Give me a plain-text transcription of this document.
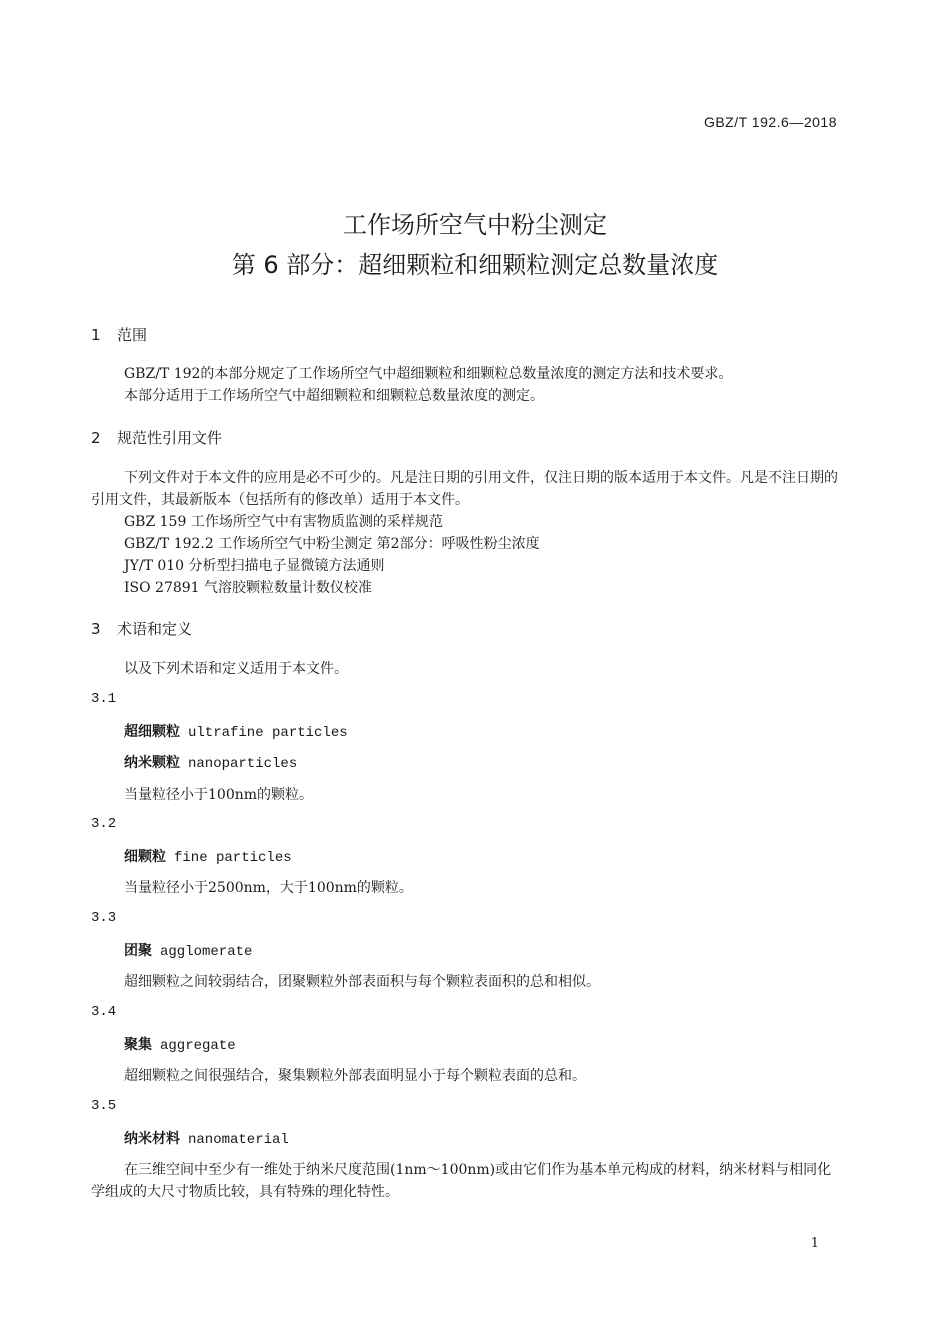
GBZ/T 192.6—2018
工作场所空气中粉尘测定
第 6 部分：超细颗粒和细颗粒测定总数量浓度
1 范围
GBZ/T 192的本部分规定了工作场所空气中超细颗粒和细颗粒总数量浓度的测定方法和技术要求。
本部分适用于工作场所空气中超细颗粒和细颗粒总数量浓度的测定。
2 规范性引用文件
下列文件对于本文件的应用是必不可少的。凡是注日期的引用文件，仅注日期的版本适用于本文件。凡是不注日期的引用文件，其最新版本（包括所有的修改单）适用于本文件。
GBZ 159 工作场所空气中有害物质监测的采样规范
GBZ/T 192.2 工作场所空气中粉尘测定 第2部分：呼吸性粉尘浓度
JY/T 010 分析型扫描电子显微镜方法通则
ISO 27891 气溶胶颗粒数量计数仪校准
3 术语和定义
以及下列术语和定义适用于本文件。
3.1
超细颗粒 ultrafine particles
纳米颗粒 nanoparticles
当量粒径小于100nm的颗粒。
3.2
细颗粒 fine particles
当量粒径小于2500nm，大于100nm的颗粒。
3.3
团聚 agglomerate
超细颗粒之间较弱结合，团聚颗粒外部表面积与每个颗粒表面积的总和相似。
3.4
聚集 aggregate
超细颗粒之间很强结合，聚集颗粒外部表面明显小于每个颗粒表面的总和。
3.5
纳米材料 nanomaterial
在三维空间中至少有一维处于纳米尺度范围(1nm～100nm)或由它们作为基本单元构成的材料，纳米材料与相同化学组成的大尺寸物质比较，具有特殊的理化特性。
1
